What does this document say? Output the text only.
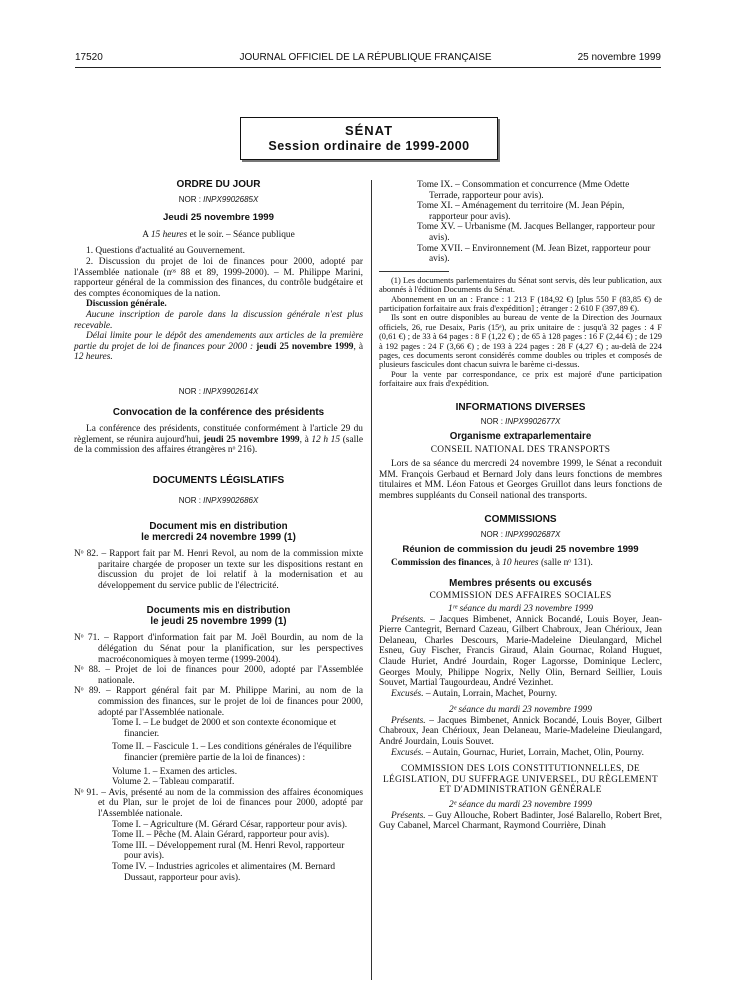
17520	JOURNAL OFFICIEL DE LA RÉPUBLIQUE FRANÇAISE	25 novembre 1999
SÉNAT
Session ordinaire de 1999-2000
ORDRE DU JOUR
NOR : INPX9902685X
Jeudi 25 novembre 1999

A 15 heures et le soir. – Séance publique

1. Questions d'actualité au Gouvernement.

2. Discussion du projet de loi de finances pour 2000, adopté par l'Assemblée nationale (nᵒˢ 88 et 89, 1999-2000). – M. Philippe Marini, rapporteur général de la commission des finances, du contrôle budgétaire et des comptes économiques de la nation.

Discussion générale.

Aucune inscription de parole dans la discussion générale n'est plus recevable.

Délai limite pour le dépôt des amendements aux articles de la première partie du projet de loi de finances pour 2000 : jeudi 25 novembre 1999, à 12 heures.

NOR : INPX9902614X
Convocation de la conférence des présidents

La conférence des présidents, constituée conformément à l'article 29 du règlement, se réunira aujourd'hui, jeudi 25 novembre 1999, à 12 h 15 (salle de la commission des affaires étrangères nᵒ 216).

DOCUMENTS LÉGISLATIFS
NOR : INPX9902686X
Document mis en distribution
le mercredi 24 novembre 1999 (1)

Nᵒ 82. – Rapport fait par M. Henri Revol, au nom de la commission mixte paritaire chargée de proposer un texte sur les dispositions restant en discussion du projet de loi relatif à la modernisation et au développement du service public de l'électricité.

Documents mis en distribution
le jeudi 25 novembre 1999 (1)

Nᵒ 71. – Rapport d'information fait par M. Joël Bourdin, au nom de la délégation du Sénat pour la planification, sur les perspectives macroéconomiques à moyen terme (1999-2004).

Nᵒ 88. – Projet de loi de finances pour 2000, adopté par l'Assemblée nationale.

Nᵒ 89. – Rapport général fait par M. Philippe Marini, au nom de la commission des finances, sur le projet de loi de finances pour 2000, adopté par l'Assemblée nationale.

Tome I. – Le budget de 2000 et son contexte économique et financier.

Tome II. – Fascicule 1. – Les conditions générales de l'équilibre financier (première partie de la loi de finances) :

Volume 1. – Examen des articles.

Volume 2. – Tableau comparatif.

Nᵒ 91. – Avis, présenté au nom de la commission des affaires économiques et du Plan, sur le projet de loi de finances pour 2000, adopté par l'Assemblée nationale.

Tome I. – Agriculture (M. Gérard César, rapporteur pour avis).

Tome II. – Pêche (M. Alain Gérard, rapporteur pour avis).

Tome III. – Développement rural (M. Henri Revol, rapporteur pour avis).

Tome IV. – Industries agricoles et alimentaires (M. Bernard Dussaut, rapporteur pour avis).

Tome IX. – Consommation et concurrence (Mme Odette Terrade, rapporteur pour avis).

Tome XI. – Aménagement du territoire (M. Jean Pépin, rapporteur pour avis).

Tome XV. – Urbanisme (M. Jacques Bellanger, rapporteur pour avis).

Tome XVII. – Environnement (M. Jean Bizet, rapporteur pour avis).

(1) Les documents parlementaires du Sénat sont servis, dès leur publication, aux abonnés à l'édition Documents du Sénat.

Abonnement en un an : France : 1 213 F (184,92 €) [plus 550 F (83,85 €) de participation forfaitaire aux frais d'expédition] ; étranger : 2 610 F (397,89 €).

Ils sont en outre disponibles au bureau de vente de la Direction des Journaux officiels, 26, rue Desaix, Paris (15ᵉ), au prix unitaire de : jusqu'à 32 pages : 4 F (0,61 €) ; de 33 à 64 pages : 8 F (1,22 €) ; de 65 à 128 pages : 16 F (2,44 €) ; de 129 à 192 pages : 24 F (3,66 €) ; de 193 à 224 pages : 28 F (4,27 €) ; au-delà de 224 pages, ces documents seront considérés comme doubles ou triples et composés de plusieurs fascicules dont chacun suivra le barème ci-dessus.

Pour la vente par correspondance, ce prix est majoré d'une participation forfaitaire aux frais d'expédition.

INFORMATIONS DIVERSES
NOR : INPX9902677X
Organisme extraparlementaire

CONSEIL NATIONAL DES TRANSPORTS

Lors de sa séance du mercredi 24 novembre 1999, le Sénat a reconduit MM. François Gerbaud et Bernard Joly dans leurs fonctions de membres titulaires et MM. Léon Fatous et Georges Gruillot dans leurs fonctions de membres suppléants du Conseil national des transports.

COMMISSIONS
NOR : INPX9902687X
Réunion de commission du jeudi 25 novembre 1999

Commission des finances, à 10 heures (salle nᵒ 131).

Membres présents ou excusés

COMMISSION DES AFFAIRES SOCIALES

1ʳᵉ séance du mardi 23 novembre 1999

Présents. – Jacques Bimbenet, Annick Bocandé, Louis Boyer, Jean-Pierre Cantegrit, Bernard Cazeau, Gilbert Chabroux, Jean Chérioux, Jean Delaneau, Charles Descours, Marie-Madeleine Dieulangard, Michel Esneu, Guy Fischer, Francis Giraud, Alain Gournac, Roland Huguet, Claude Huriet, André Jourdain, Roger Lagorsse, Dominique Leclerc, Georges Mouly, Philippe Nogrix, Nelly Olin, Bernard Seillier, Louis Souvet, Martial Taugourdeau, André Vezinhet.

Excusés. – Autain, Lorrain, Machet, Pourny.

2ᵉ séance du mardi 23 novembre 1999

Présents. – Jacques Bimbenet, Annick Bocandé, Louis Boyer, Gilbert Chabroux, Jean Chérioux, Jean Delaneau, Marie-Madeleine Dieulangard, André Jourdain, Louis Souvet.

Excusés. – Autain, Gournac, Huriet, Lorrain, Machet, Olin, Pourny.

COMMISSION DES LOIS CONSTITUTIONNELLES, DE LÉGISLATION, DU SUFFRAGE UNIVERSEL, DU RÈGLEMENT ET D'ADMINISTRATION GÉNÉRALE

2ᵉ séance du mardi 23 novembre 1999

Présents. – Guy Allouche, Robert Badinter, José Balarello, Robert Bret, Guy Cabanel, Marcel Charmant, Raymond Courrière, Dinah
